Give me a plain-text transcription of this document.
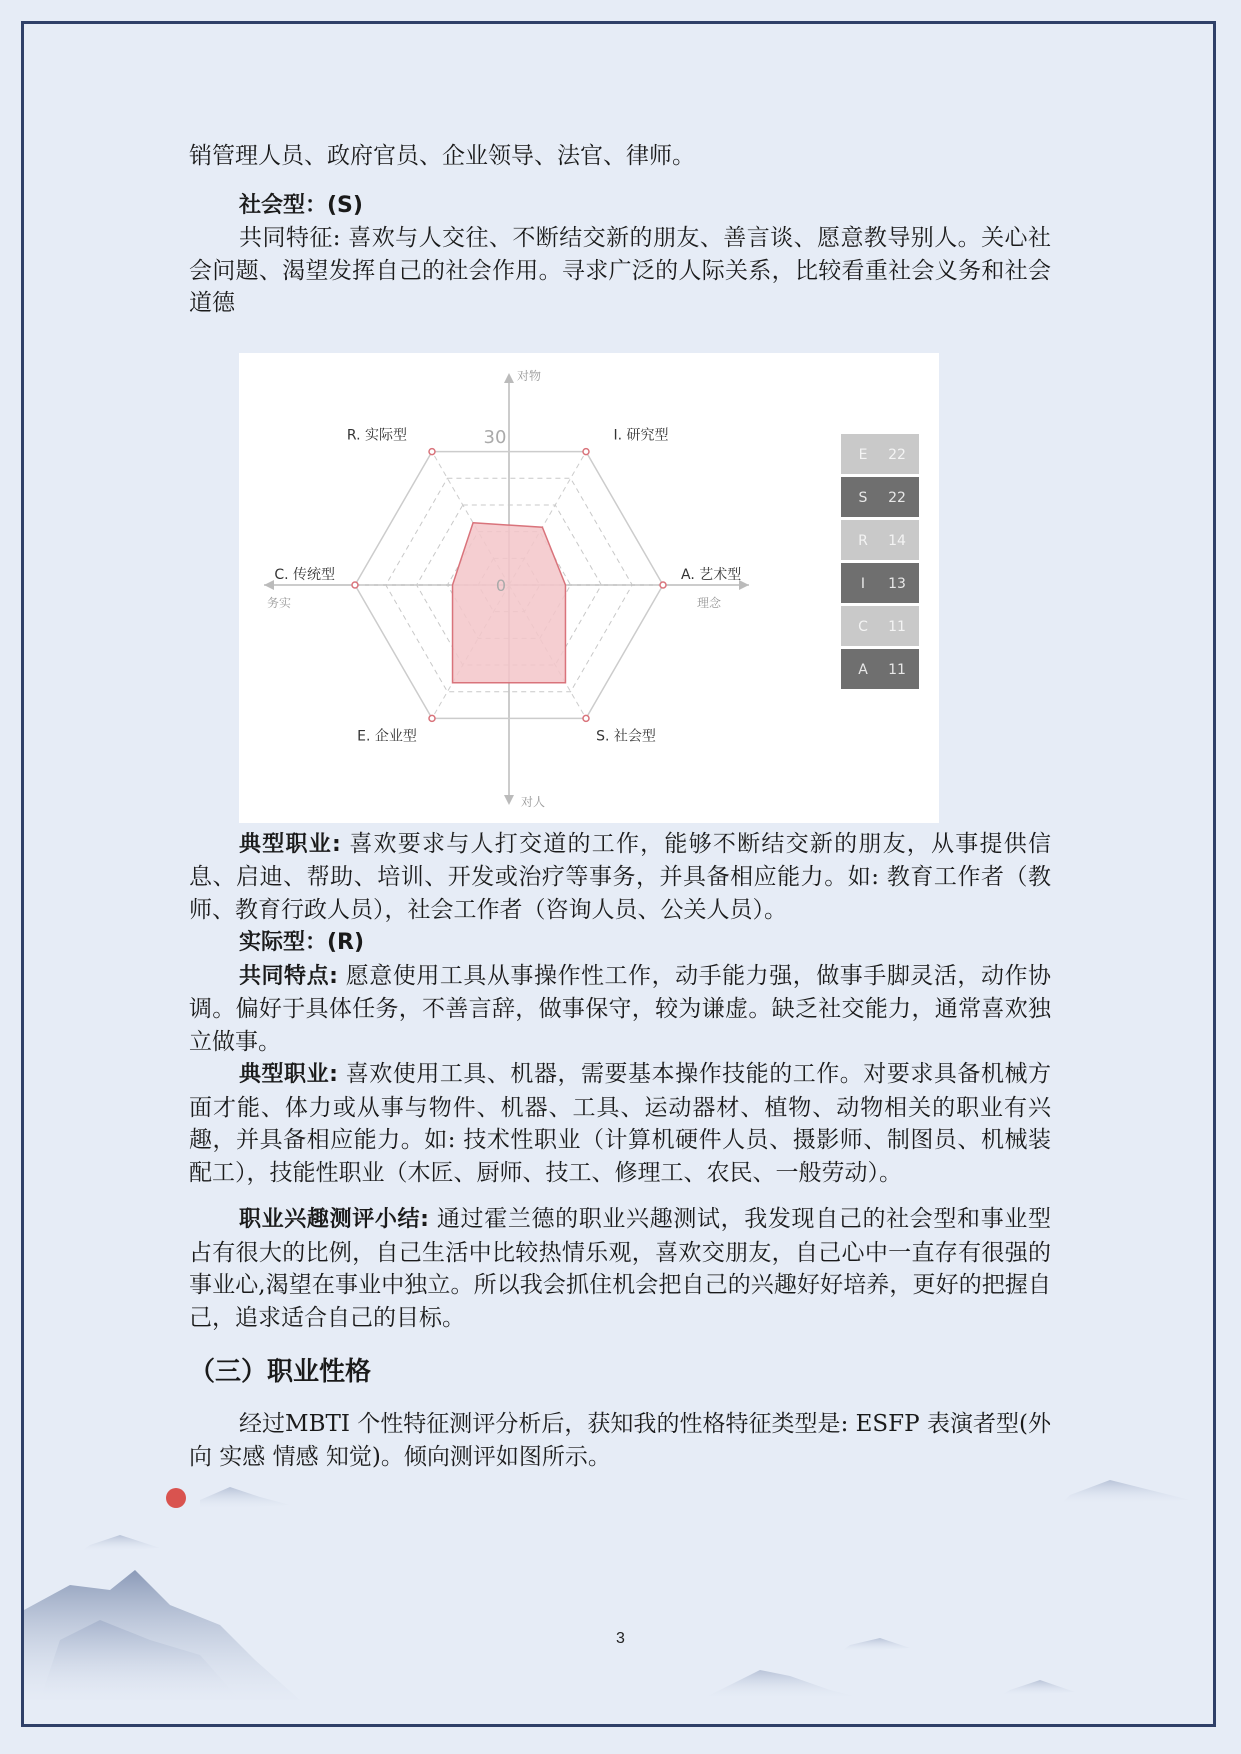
销管理人员、政府官员、企业领导、法官、律师。

社会型：(S)

共同特征: 喜欢与人交往、不断结交新的朋友、善言谈、愿意教导别人。关心社会问题、渴望发挥自己的社会作用。寻求广泛的人际关系，比较看重社会义务和社会道德

典型职业: 喜欢要求与人打交道的工作，能够不断结交新的朋友，从事提供信息、启迪、帮助、培训、开发或治疗等事务，并具备相应能力。如: 教育工作者（教师、教育行政人员），社会工作者（咨询人员、公关人员）。

实际型：(R)

共同特点: 愿意使用工具从事操作性工作，动手能力强，做事手脚灵活，动作协调。偏好于具体任务，不善言辞，做事保守，较为谦虚。缺乏社交能力，通常喜欢独立做事。

典型职业: 喜欢使用工具、机器，需要基本操作技能的工作。对要求具备机械方面才能、体力或从事与物件、机器、工具、运动器材、植物、动物相关的职业有兴趣，并具备相应能力。如: 技术性职业（计算机硬件人员、摄影师、制图员、机械装配工），技能性职业（木匠、厨师、技工、修理工、农民、一般劳动）。

职业兴趣测评小结: 通过霍兰德的职业兴趣测试，我发现自己的社会型和事业型占有很大的比例，自己生活中比较热情乐观，喜欢交朋友，自己心中一直存有很强的事业心,渴望在事业中独立。所以我会抓住机会把自己的兴趣好好培养，更好的把握自己，追求适合自己的目标。

（三）职业性格

经过MBTI 个性特征测评分析后，获知我的性格特征类型是: ESFP 表演者型(外向 实感 情感 知觉)。倾向测评如图所示。

R. 实际型	I. 研究型
A. 艺术型
S. 社会型
E. 企业型
C. 传统型
30
0
对物
对人
务实	理念
E 22
S 22
R 14
I 13
C 11
A 11
3
